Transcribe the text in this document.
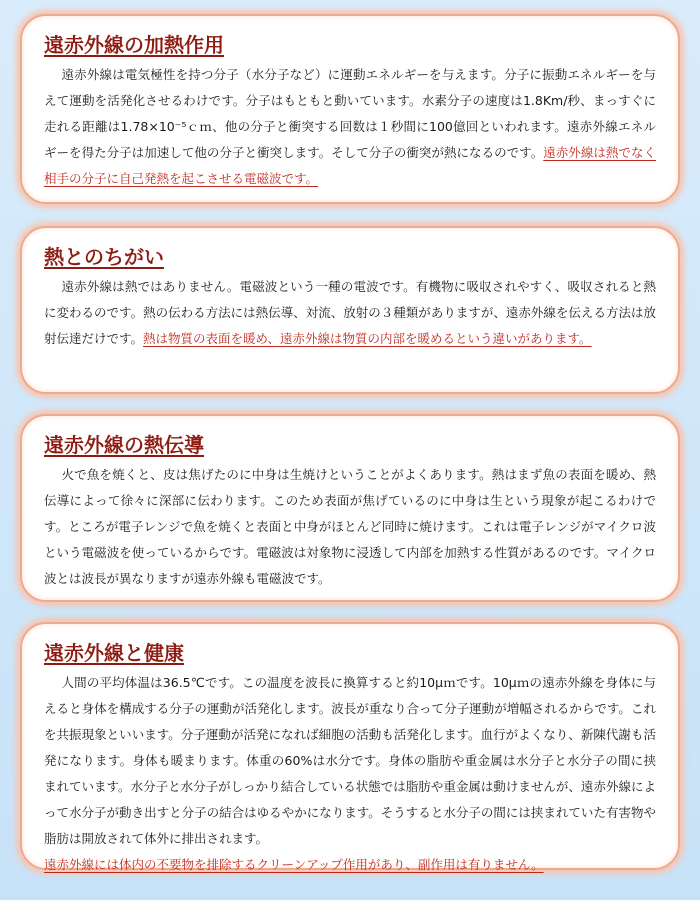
遠赤外線の加熱作用

遠赤外線は電気極性を持つ分子（水分子など）に運動エネルギーを与えます。分子に振動エネルギーを与えて運動を活発化させるわけです。分子はもともと動いています。水素分子の速度は1.8Km/秒、まっすぐに走れる距離は1.78×10⁻⁵ｃｍ、他の分子と衝突する回数は１秒間に100億回といわれます。遠赤外線エネルギーを得た分子は加速して他の分子と衝突します。そして分子の衝突が熱になるのです。遠赤外線は熱でなく相手の分子に自己発熱を起こさせる電磁波です。

熱とのちがい

遠赤外線は熱ではありません。電磁波という一種の電波です。有機物に吸収されやすく、吸収されると熱に変わるのです。熱の伝わる方法には熱伝導、対流、放射の３種類がありますが、遠赤外線を伝える方法は放射伝達だけです。熱は物質の表面を暖め、遠赤外線は物質の内部を暖めるという違いがあります。

遠赤外線の熱伝導

火で魚を焼くと、皮は焦げたのに中身は生焼けということがよくあります。熱はまず魚の表面を暖め、熱伝導によって徐々に深部に伝わります。このため表面が焦げているのに中身は生という現象が起こるわけです。ところが電子レンジで魚を焼くと表面と中身がほとんど同時に焼けます。これは電子レンジがマイクロ波という電磁波を使っているからです。電磁波は対象物に浸透して内部を加熱する性質があるのです。マイクロ波とは波長が異なりますが遠赤外線も電磁波です。

遠赤外線と健康

人間の平均体温は36.5℃です。この温度を波長に換算すると約10μｍです。10μｍの遠赤外線を身体に与えると身体を構成する分子の運動が活発化します。波長が重なり合って分子運動が増幅されるからです。これを共振現象といいます。分子運動が活発になれば細胞の活動も活発化します。血行がよくなり、新陳代謝も活発になります。身体も暖まります。体重の60%は水分です。身体の脂肪や重金属は水分子と水分子の間に挟まれています。水分子と水分子がしっかり結合している状態では脂肪や重金属は動けませんが、遠赤外線によって水分子が動き出すと分子の結合はゆるやかになります。そうすると水分子の間には挟まれていた有害物や脂肪は開放されて体外に排出されます。

遠赤外線には体内の不要物を排除するクリーンアップ作用があり、副作用は有りません。
